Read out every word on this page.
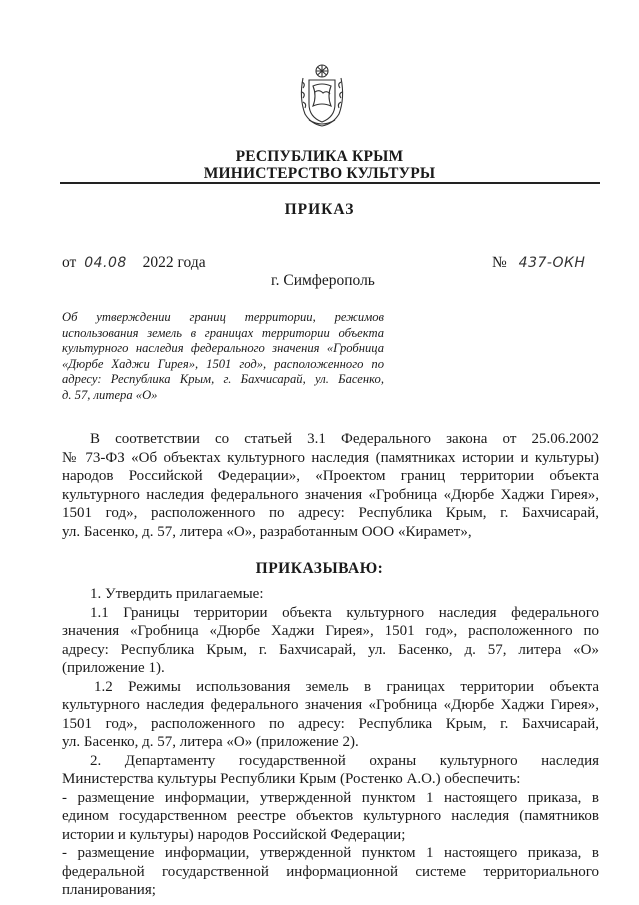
РЕСПУБЛИКА КРЫМ
МИНИСТЕРСТВО КУЛЬТУРЫ
ПРИКАЗ
от 04.08 2022 года	№ 437-ОКН
г. Симферополь
Об утверждении границ территории, режимов
использования земель в границах территории объекта
культурного наследия федерального значения «Гробница
«Дюрбе Хаджи Гирея», 1501 год», расположенного по
адресу: Республика Крым, г. Бахчисарай, ул. Басенко,
д. 57, литера «О»
В соответствии со статьей 3.1 Федерального закона от 25.06.2002
№ 73-ФЗ «Об объектах культурного наследия (памятниках истории и культуры)
народов Российской Федерации», «Проектом границ территории объекта
культурного наследия федерального значения «Гробница «Дюрбе Хаджи Гирея»,
1501 год», расположенного по адресу: Республика Крым, г. Бахчисарай,
ул. Басенко, д. 57, литера «О», разработанным ООО «Кирамет»,
ПРИКАЗЫВАЮ:
1. Утвердить прилагаемые:
1.1 Границы территории объекта культурного наследия федерального
значения «Гробница «Дюрбе Хаджи Гирея», 1501 год», расположенного по
адресу: Республика Крым, г. Бахчисарай, ул. Басенко, д. 57, литера «О»
(приложение 1).
1.2 Режимы использования земель в границах территории объекта
культурного наследия федерального значения «Гробница «Дюрбе Хаджи Гирея»,
1501 год», расположенного по адресу: Республика Крым, г. Бахчисарай,
ул. Басенко, д. 57, литера «О» (приложение 2).
2. Департаменту государственной охраны культурного наследия
Министерства культуры Республики Крым (Ростенко А.О.) обеспечить:
- размещение информации, утвержденной пунктом 1 настоящего приказа, в
едином государственном реестре объектов культурного наследия (памятников
истории и культуры) народов Российской Федерации;
- размещение информации, утвержденной пунктом 1 настоящего приказа, в
федеральной государственной информационной системе территориального
планирования;
